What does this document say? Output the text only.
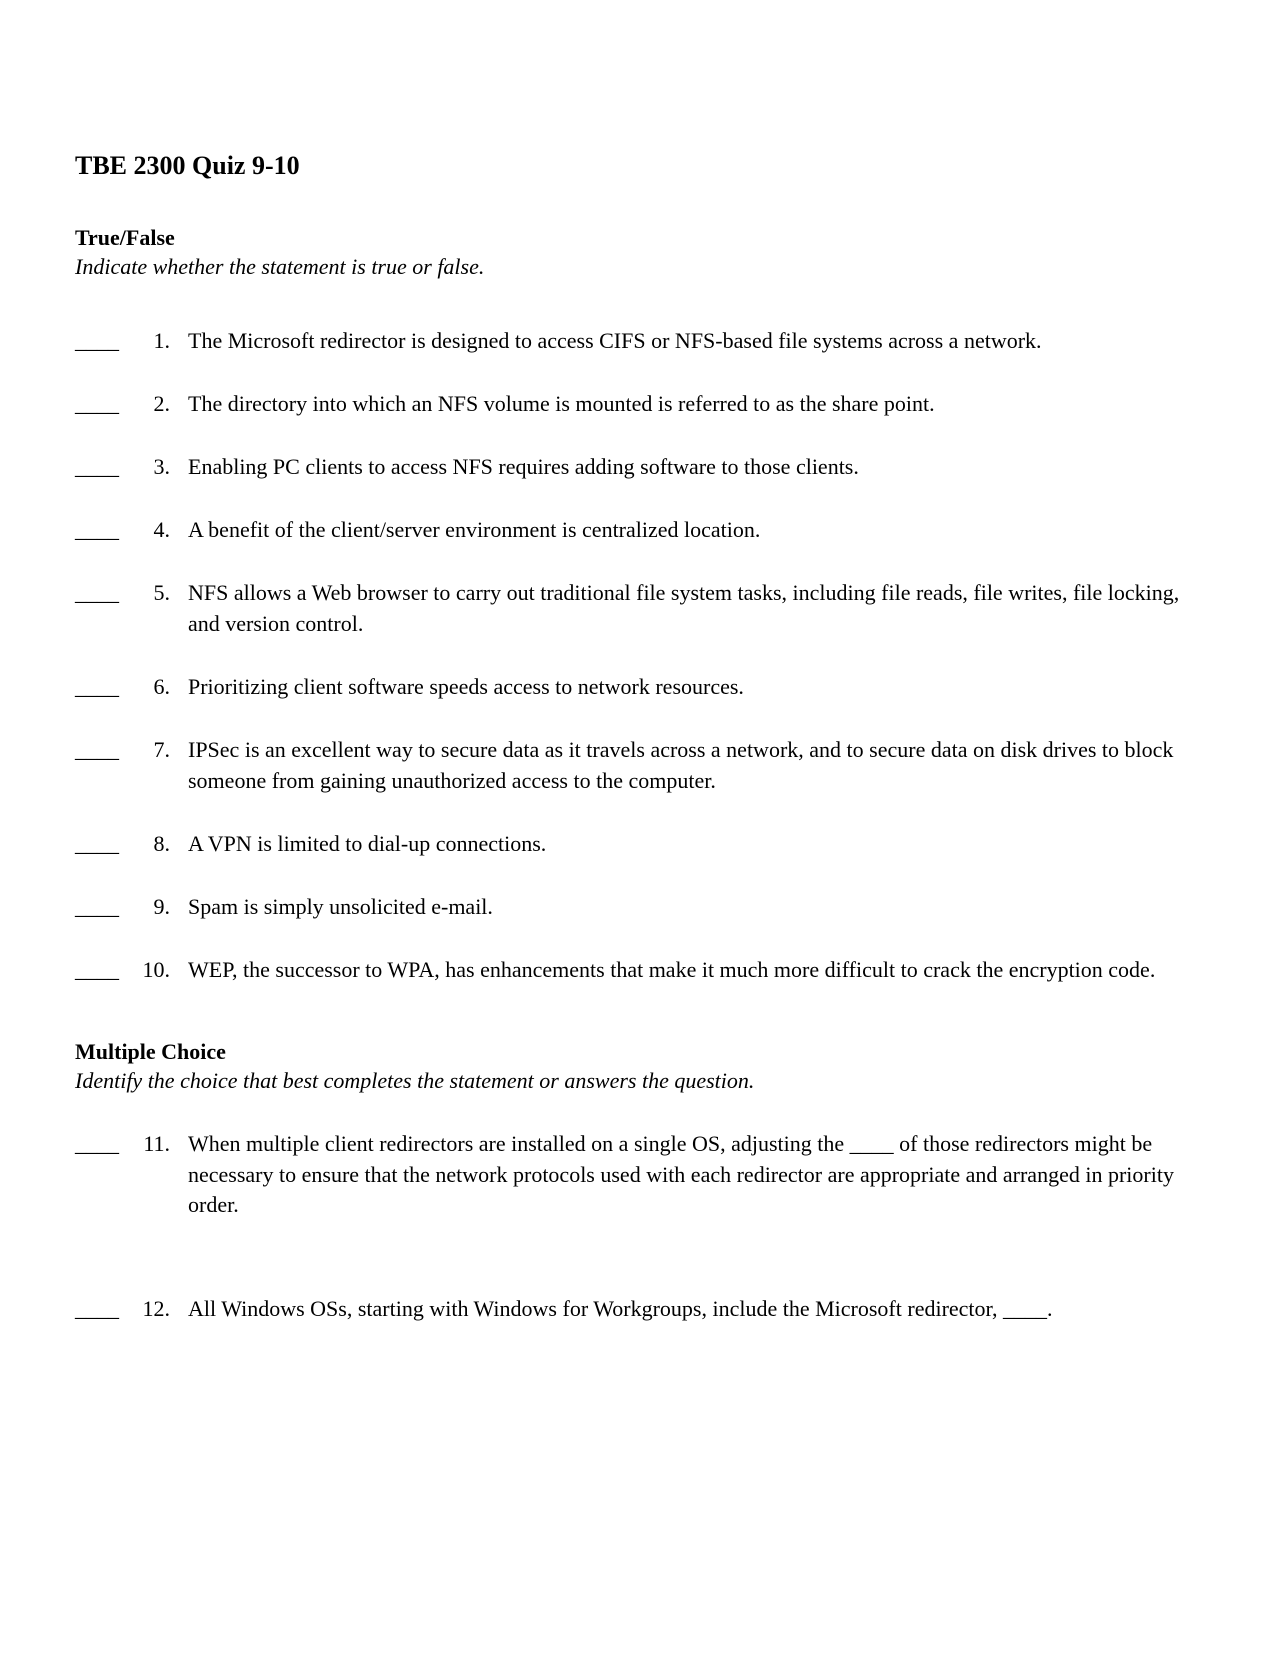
TBE 2300 Quiz 9-10
True/False

Indicate whether the statement is true or false.

____	1. The Microsoft redirector is designed to access CIFS or NFS-based file systems across a network.
____	2. The directory into which an NFS volume is mounted is referred to as the share point.
____	3. Enabling PC clients to access NFS requires adding software to those clients.
____	4. A benefit of the client/server environment is centralized location.
____	5. NFS allows a Web browser to carry out traditional file system tasks, including file reads, file writes, file locking, and version control.
____	6. Prioritizing client software speeds access to network resources.
____	7. IPSec is an excellent way to secure data as it travels across a network, and to secure data on disk drives to block someone from gaining unauthorized access to the computer.
____	8. A VPN is limited to dial-up connections.
____	9. Spam is simply unsolicited e-mail.
____	10. WEP, the successor to WPA, has enhancements that make it much more difficult to crack the encryption code.
Multiple Choice

Identify the choice that best completes the statement or answers the question.

____	11. When multiple client redirectors are installed on a single OS, adjusting the ____ of those redirectors might be necessary to ensure that the network protocols used with each redirector are appropriate and arranged in priority order.
____	12. All Windows OSs, starting with Windows for Workgroups, include the Microsoft redirector, ____.
